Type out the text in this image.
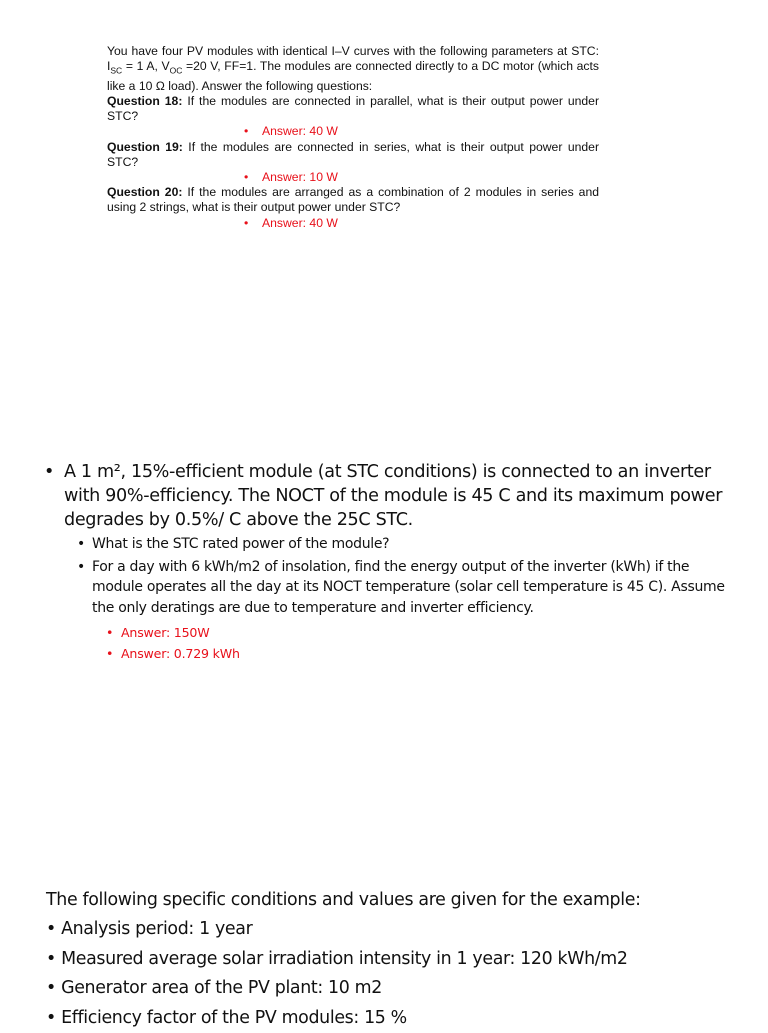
You have four PV modules with identical I–V curves with the following parameters at STC: $I_{SC} = 1$ A, $V_{OC} =20$ V, FF=1. The modules are connected directly to a DC motor (which acts like a 10 Ω load). Answer the following questions:

Question 18: If the modules are connected in parallel, what is their output power under STC?

• Answer: 40 W

Question 19: If the modules are connected in series, what is their output power under STC?

• Answer: 10 W

Question 20: If the modules are arranged as a combination of 2 modules in series and using 2 strings, what is their output power under STC?

• Answer: 40 W

• A 1 m², 15%-efficient module (at STC conditions) is connected to an inverter with 90%-efficiency. The NOCT of the module is 45 C and its maximum power degrades by 0.5%/ C above the 25C STC.

• What is the STC rated power of the module?

• For a day with 6 kWh/m2 of insolation, find the energy output of the inverter (kWh) if the module operates all the day at its NOCT temperature (solar cell temperature is 45 C). Assume the only deratings are due to temperature and inverter efficiency.

• Answer: 150W

• Answer: 0.729 kWh

The following specific conditions and values are given for the example:

• Analysis period: 1 year

• Measured average solar irradiation intensity in 1 year: 120 kWh/m2

• Generator area of the PV plant: 10 m2

• Efficiency factor of the PV modules: 15 %
